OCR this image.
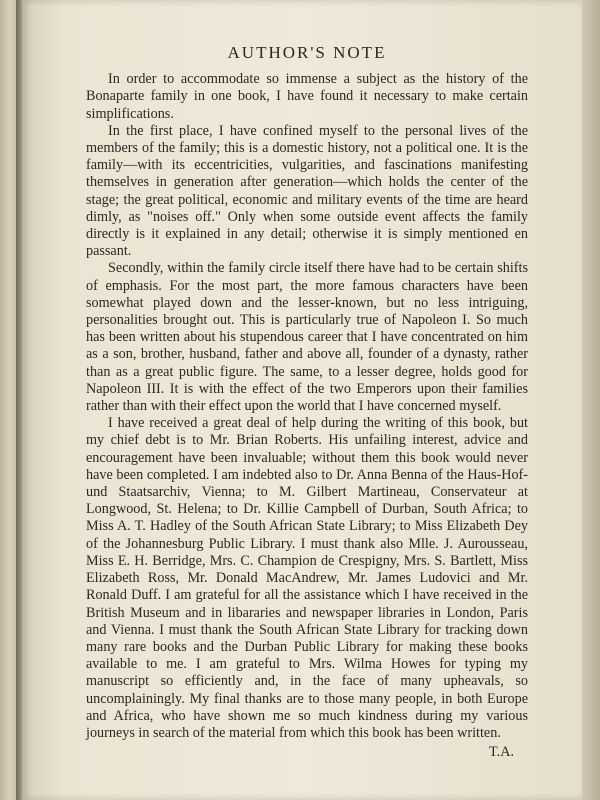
AUTHOR'S NOTE

In order to accommodate so immense a subject as the history of the Bonaparte family in one book, I have found it necessary to make certain simplifications.

In the first place, I have confined myself to the personal lives of the members of the family; this is a domestic history, not a political one. It is the family—with its eccentricities, vulgarities, and fascinations manifesting themselves in generation after generation—which holds the center of the stage; the great political, economic and military events of the time are heard dimly, as "noises off." Only when some outside event affects the family directly is it explained in any detail; otherwise it is simply mentioned en passant.

Secondly, within the family circle itself there have had to be certain shifts of emphasis. For the most part, the more famous characters have been somewhat played down and the lesser-known, but no less intriguing, personalities brought out. This is particularly true of Napoleon I. So much has been written about his stupendous career that I have concentrated on him as a son, brother, husband, father and above all, founder of a dynasty, rather than as a great public figure. The same, to a lesser degree, holds good for Napoleon III. It is with the effect of the two Emperors upon their families rather than with their effect upon the world that I have concerned myself.

I have received a great deal of help during the writing of this book, but my chief debt is to Mr. Brian Roberts. His unfailing interest, advice and encouragement have been invaluable; without them this book would never have been completed. I am indebted also to Dr. Anna Benna of the Haus-Hof-und Staatsarchiv, Vienna; to M. Gilbert Martineau, Conservateur at Longwood, St. Helena; to Dr. Killie Campbell of Durban, South Africa; to Miss A. T. Hadley of the South African State Library; to Miss Elizabeth Dey of the Johannesburg Public Library. I must thank also Mlle. J. Aurousseau, Miss E. H. Berridge, Mrs. C. Champion de Crespigny, Mrs. S. Bartlett, Miss Elizabeth Ross, Mr. Donald MacAndrew, Mr. James Ludovici and Mr. Ronald Duff. I am grateful for all the assistance which I have received in the British Museum and in libararies and newspaper libraries in London, Paris and Vienna. I must thank the South African State Library for tracking down many rare books and the Durban Public Library for making these books available to me. I am grateful to Mrs. Wilma Howes for typing my manuscript so efficiently and, in the face of many upheavals, so uncomplainingly. My final thanks are to those many people, in both Europe and Africa, who have shown me so much kindness during my various journeys in search of the material from which this book has been written.

T.A.
